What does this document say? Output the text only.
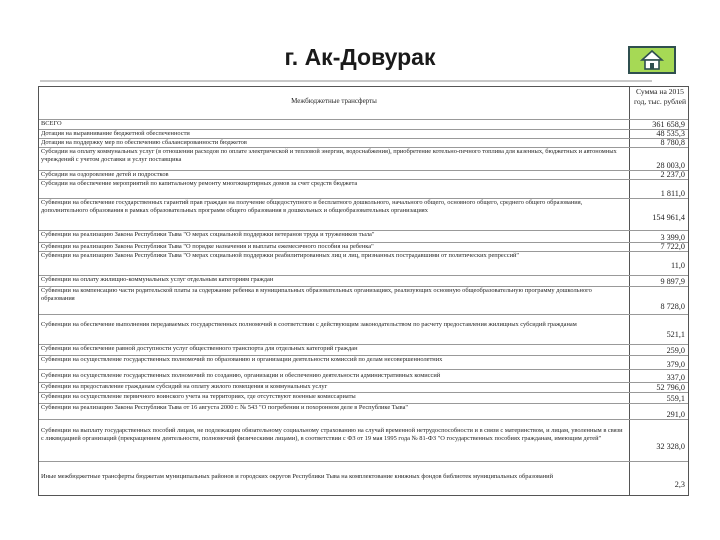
г. Ак-Довурак
Межбюджетные трансферты
Сумма на 2015 год, тыс. рублей
ВСЕГО	361 658,9
Дотация на выравнивание бюджетной обеспеченности	48 535,3
Дотация на поддержку мер по обеспечению сбалансированности бюджетов	8 780,8
Субсидии на оплату коммунальных услуг (в отношении расходов по оплате электрической и тепловой энергии, водоснабжения), приобретение котельно-печного топлива для казенных, бюджетных и автономных учреждений с учетом доставки и услуг поставщика
28 003,0
Субсидии на оздоровление детей и подростков	2 237,0
Субсидии на обеспечение мероприятий по капитальному ремонту многоквартирных домов за счет средств бюджета
1 811,0
Субвенции на обеспечение государственных гарантий прав граждан на получение общедоступного и бесплатного дошкольного, начального общего, основного общего, среднего общего образования, дополнительного образования в рамках образовательных программ общего образования в дошкольных и общеобразовательных организациях
154 961,4
Субвенции на реализацию Закона Республики Тыва "О мерах социальной поддержки ветеранов труда и тружеников тыла"	3 399,0
Субвенции на реализацию Закона Республики Тыва "О порядке назначения и выплаты ежемесячного пособия на ребенка"	7 722,0
Субвенции на реализацию Закона Республики Тыва "О мерах социальной поддержки реабилитированных лиц и лиц, признанных пострадавшими от политических репрессий"
11,0
Субвенции на оплату жилищно-коммунальных услуг отдельным категориям граждан	9 897,9
Субвенции на компенсацию части родительской платы за содержание ребенка в муниципальных образовательных организациях, реализующих основную общеобразовательную программу дошкольного образования
8 728,0
Субвенции на обеспечение выполнения передаваемых государственных полномочий в соответствии с действующим законодательством по расчету предоставления жилищных субсидий гражданам
521,1
Субвенции на обеспечение равной доступности услуг общественного транспорта для отдельных категорий граждан	259,0
Субвенции на осуществление государственных полномочий по образованию и организации деятельности комиссий по делам несовершеннолетних
379,0
Субвенции на осуществление государственных полномочий по созданию, организации и обеспечению деятельности административных комиссий	337,0
Субвенции на предоставление гражданам субсидий на оплату жилого помещения и коммунальных услуг	52 796,0
Субвенции на осуществление первичного воинского учета на территориях, где отсутствуют военные комиссариаты	559,1
Субвенции на реализацию Закона Республики Тыва от 16 августа 2000 г. № 543 "О погребении и похоронном деле в Республике Тыва"
291,0
Субвенции на выплату государственных пособий лицам, не подлежащим обязательному социальному страхованию на случай временной нетрудоспособности и в связи с материнством, и лицам, уволенным в связи с ликвидацией организаций (прекращением деятельности, полномочий физическими лицами), в соответствии с ФЗ от 19 мая 1995 года № 81-ФЗ "О государственных пособиях гражданам, имеющим детей"
32 328,0
Иные межбюджетные трансферты бюджетам муниципальных районов и городских округов Республики Тыва на комплектование книжных фондов библиотек муниципальных образований
2,3
